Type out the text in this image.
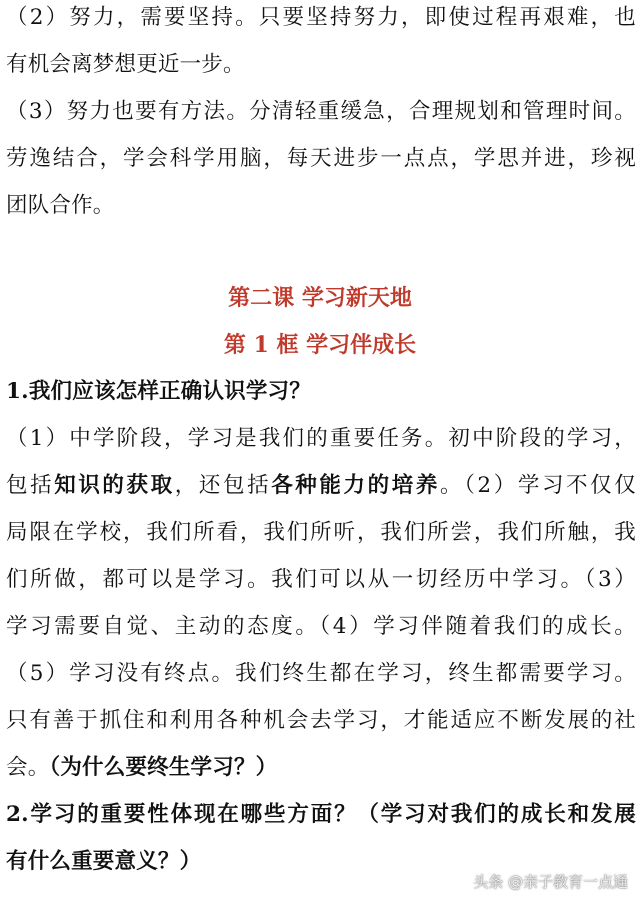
（2）努力，需要坚持。只要坚持努力，即使过程再艰难，也
有机会离梦想更近一步。
（3）努力也要有方法。分清轻重缓急，合理规划和管理时间。
劳逸结合，学会科学用脑，每天进步一点点，学思并进，珍视
团队合作。
第二课 学习新天地
第 1 框 学习伴成长
1.我们应该怎样正确认识学习？
（1）中学阶段，学习是我们的重要任务。初中阶段的学习，
包括知识的获取，还包括各种能力的培养。（2）学习不仅仅
局限在学校，我们所看，我们所听，我们所尝，我们所触，我
们所做，都可以是学习。我们可以从一切经历中学习。（3）
学习需要自觉、主动的态度。（4）学习伴随着我们的成长。
（5）学习没有终点。我们终生都在学习，终生都需要学习。
只有善于抓住和利用各种机会去学习，才能适应不断发展的社
会。（为什么要终生学习？）
2.学习的重要性体现在哪些方面？（学习对我们的成长和发展
有什么重要意义？）
头条 @亲子教育一点通
